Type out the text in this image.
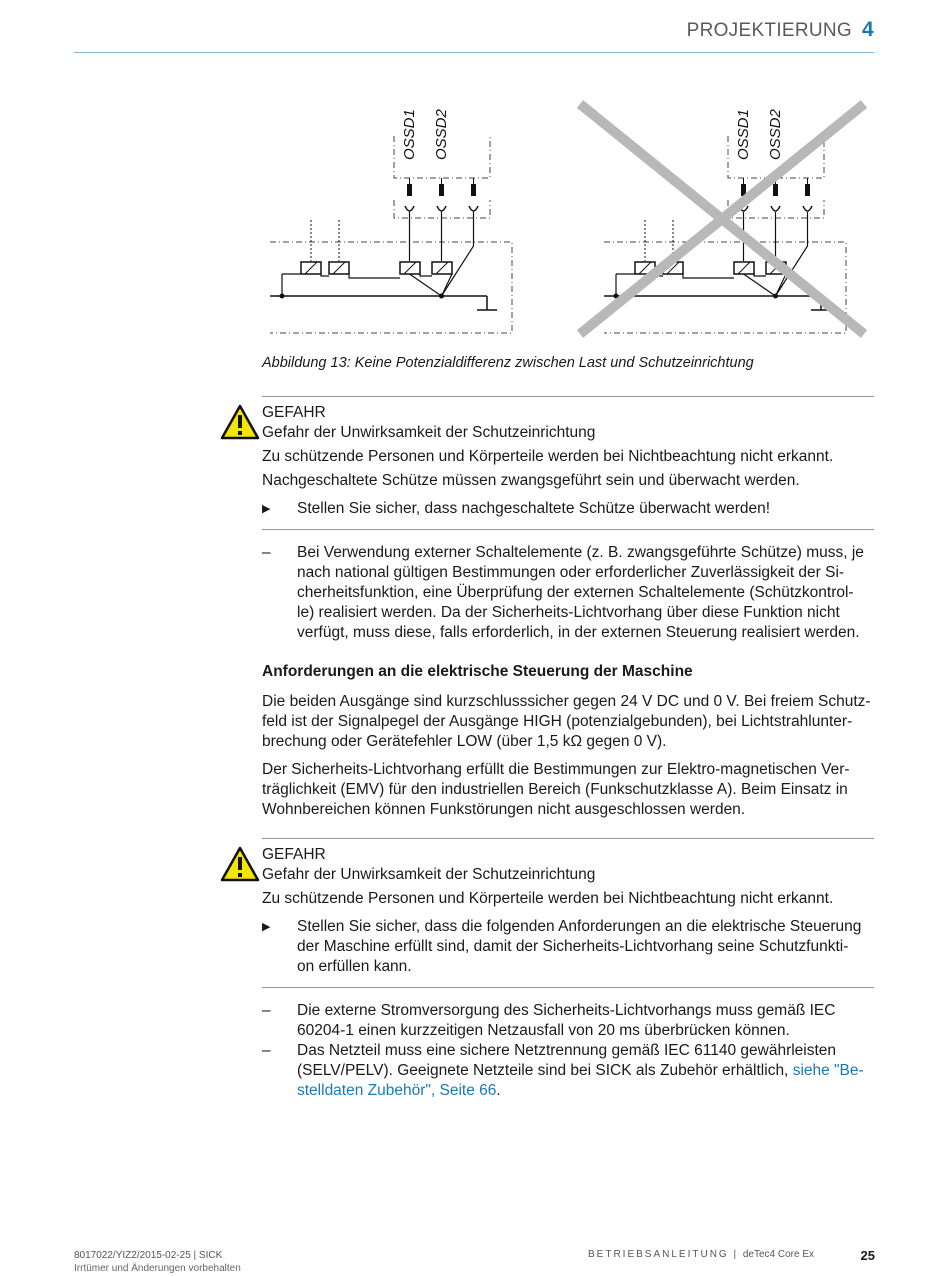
PROJEKTIERUNG 4
OSSD1 OSSD2	OSSD1 OSSD2
Abbildung 13: Keine Potenzialdifferenz zwischen Last und Schutzeinrichtung
GEFAHR
Gefahr der Unwirksamkeit der Schutzeinrichtung
Zu schützende Personen und Körperteile werden bei Nichtbeachtung nicht erkannt.
Nachgeschaltete Schütze müssen zwangsgeführt sein und überwacht werden.
▶ Stellen Sie sicher, dass nachgeschaltete Schütze überwacht werden!
– Bei Verwendung externer Schaltelemente (z. B. zwangsgeführte Schütze) muss, je
nach national gültigen Bestimmungen oder erforderlicher Zuverlässigkeit der Si-
cherheitsfunktion, eine Überprüfung der externen Schaltelemente (Schützkontrol-
le) realisiert werden. Da der Sicherheits-Lichtvorhang über diese Funktion nicht
verfügt, muss diese, falls erforderlich, in der externen Steuerung realisiert werden.
Anforderungen an die elektrische Steuerung der Maschine
Die beiden Ausgänge sind kurzschlusssicher gegen 24 V DC und 0 V. Bei freiem Schutz-
feld ist der Signalpegel der Ausgänge HIGH (potenzialgebunden), bei Lichtstrahlunter-
brechung oder Gerätefehler LOW (über 1,5 kΩ gegen 0 V).
Der Sicherheits-Lichtvorhang erfüllt die Bestimmungen zur Elektro-magnetischen Ver-
träglichkeit (EMV) für den industriellen Bereich (Funkschutzklasse A). Beim Einsatz in
Wohnbereichen können Funkstörungen nicht ausgeschlossen werden.
GEFAHR
Gefahr der Unwirksamkeit der Schutzeinrichtung
Zu schützende Personen und Körperteile werden bei Nichtbeachtung nicht erkannt.
▶ Stellen Sie sicher, dass die folgenden Anforderungen an die elektrische Steuerung
der Maschine erfüllt sind, damit der Sicherheits-Lichtvorhang seine Schutzfunkti-
on erfüllen kann.
– Die externe Stromversorgung des Sicherheits-Lichtvorhangs muss gemäß IEC
60204-1 einen kurzzeitigen Netzausfall von 20 ms überbrücken können.
– Das Netzteil muss eine sichere Netztrennung gemäß IEC 61140 gewährleisten
(SELV/PELV). Geeignete Netzteile sind bei SICK als Zubehör erhältlich, siehe "Be-
stelldaten Zubehör", Seite 66.
8017022/YIZ2/2015-02-25 | SICK
Irrtümer und Änderungen vorbehalten
BETRIEBSANLEITUNG | deTec4 Core Ex	25
